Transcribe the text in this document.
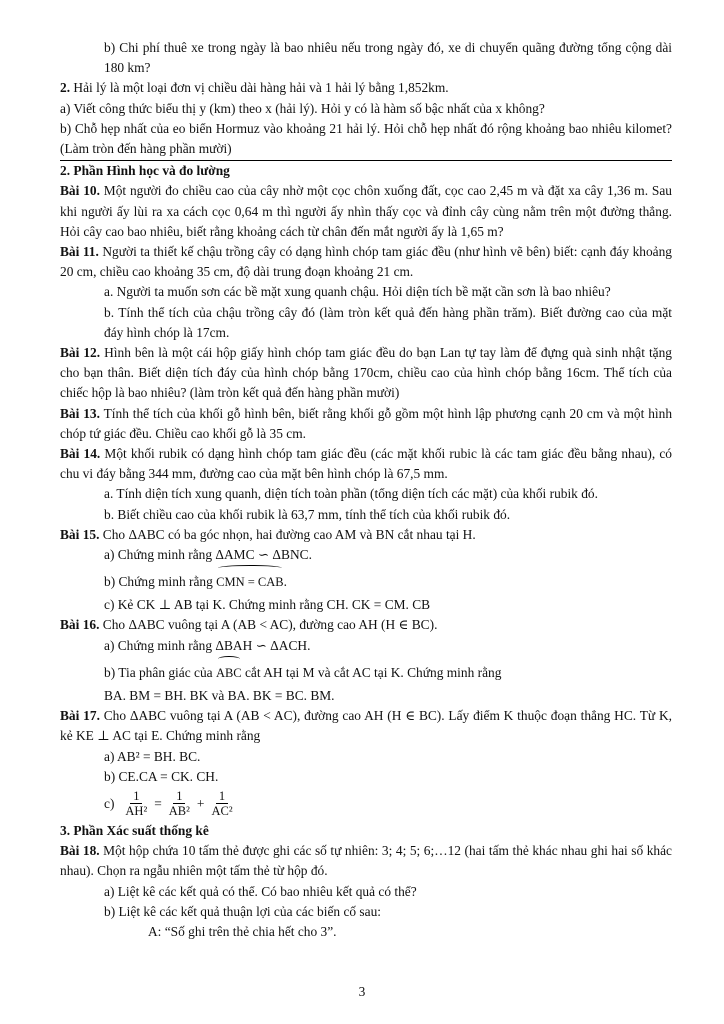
b) Chi phí thuê xe trong ngày là bao nhiêu nếu trong ngày đó, xe di chuyển quãng đường tổng cộng dài 180 km?

2. Hải lý là một loại đơn vị chiều dài hàng hải và 1 hải lý bằng 1,852km.

a) Viết công thức biểu thị y (km) theo x (hải lý). Hỏi y có là hàm số bậc nhất của x không?

b) Chỗ hẹp nhất của eo biển Hormuz vào khoảng 21 hải lý. Hỏi chỗ hẹp nhất đó rộng khoảng bao nhiêu kilomet? (Làm tròn đến hàng phần mười)

2. Phần Hình học và đo lường

Bài 10. Một người đo chiều cao của cây nhờ một cọc chôn xuống đất, cọc cao 2,45 m và đặt xa cây 1,36 m. Sau khi người ấy lùi ra xa cách cọc 0,64 m thì người ấy nhìn thấy cọc và đỉnh cây cùng nằm trên một đường thẳng. Hỏi cây cao bao nhiêu, biết rằng khoảng cách từ chân đến mắt người ấy là 1,65 m?

Bài 11. Người ta thiết kế chậu trồng cây có dạng hình chóp tam giác đều (như hình vẽ bên) biết: cạnh đáy khoảng 20 cm, chiều cao khoảng 35 cm, độ dài trung đoạn khoảng 21 cm.

a. Người ta muốn sơn các bề mặt xung quanh chậu. Hỏi diện tích bề mặt cần sơn là bao nhiêu?

b. Tính thể tích của chậu trồng cây đó (làm tròn kết quả đến hàng phần trăm). Biết đường cao của mặt đáy hình chóp là 17cm.

Bài 12. Hình bên là một cái hộp giấy hình chóp tam giác đều do bạn Lan tự tay làm để đựng quà sinh nhật tặng cho bạn thân. Biết diện tích đáy của hình chóp bằng 170cm, chiều cao của hình chóp bằng 16cm. Thể tích của chiếc hộp là bao nhiêu? (làm tròn kết quả đến hàng phần mười)

Bài 13. Tính thể tích của khối gỗ hình bên, biết rằng khối gỗ gồm một hình lập phương cạnh 20 cm và một hình chóp tứ giác đều. Chiều cao khối gỗ là 35 cm.

Bài 14. Một khối rubik có dạng hình chóp tam giác đều (các mặt khối rubic là các tam giác đều bằng nhau), có chu vi đáy bằng 344 mm, đường cao của mặt bên hình chóp là 67,5 mm.

a. Tính diện tích xung quanh, diện tích toàn phần (tổng diện tích các mặt) của khối rubik đó.

b. Biết chiều cao của khối rubik là 63,7 mm, tính thể tích của khối rubik đó.

Bài 15. Cho ΔABC có ba góc nhọn, hai đường cao AM và BN cắt nhau tại H.

a) Chứng minh rằng ΔAMC ∽ ΔBNC.

b) Chứng minh rằng CMN = CAB.

c) Kẻ CK ⊥ AB tại K. Chứng minh rằng CH. CK = CM. CB

Bài 16. Cho ΔABC vuông tại A (AB < AC), đường cao AH (H ∈ BC).

a) Chứng minh rằng ΔBAH ∽ ΔACH.

b) Tia phân giác của ABC cắt AH tại M và cắt AC tại K. Chứng minh rằng

BA. BM = BH. BK và BA. BK = BC. BM.

Bài 17. Cho ΔABC vuông tại A (AB < AC), đường cao AH (H ∈ BC). Lấy điểm K thuộc đoạn thẳng HC. Từ K, kẻ KE ⊥ AC tại E. Chứng minh rằng

a) AB² = BH. BC.

b) CE.CA = CK. CH.

$c) \frac{1}{\text{AH²}} = \frac{1}{\text{AB²}} + \frac{1}{\text{AC²}}$

3. Phần Xác suất thống kê

Bài 18. Một hộp chứa 10 tấm thẻ được ghi các số tự nhiên: 3; 4; 5; 6;…12 (hai tấm thẻ khác nhau ghi hai số khác nhau). Chọn ra ngẫu nhiên một tấm thẻ từ hộp đó.

a) Liệt kê các kết quả có thể. Có bao nhiêu kết quả có thể?

b) Liệt kê các kết quả thuận lợi của các biến cố sau:

A: “Số ghi trên thẻ chia hết cho 3”.

3
